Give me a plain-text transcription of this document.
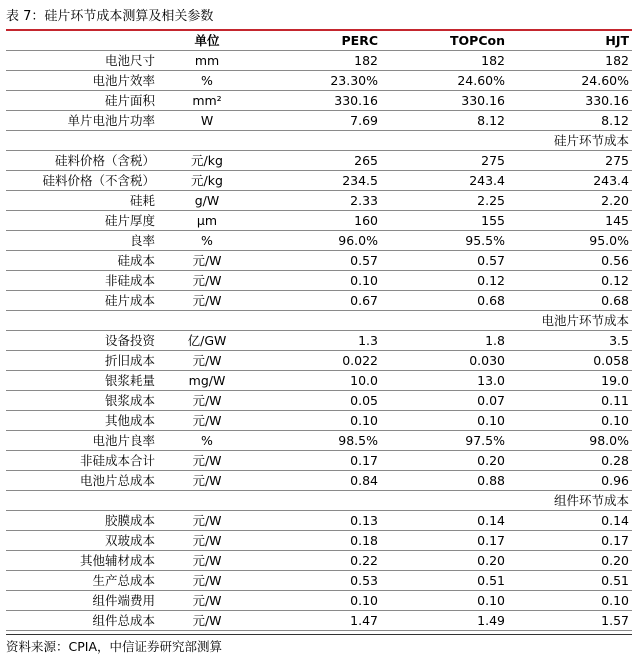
表 7：硅片环节成本测算及相关参数
	单位	PERC	TOPCon	HJT
电池尺寸	mm	182	182	182
电池片效率	%	23.30%	24.60%	24.60%
硅片面积	mm²	330.16	330.16	330.16
单片电池片功率	W	7.69	8.12	8.12
硅片环节成本				
硅料价格（含税）	元/kg	265	275	275
硅料价格（不含税）	元/kg	234.5	243.4	243.4
硅耗	g/W	2.33	2.25	2.20
硅片厚度	μm	160	155	145
良率	%	96.0%	95.5%	95.0%
硅成本	元/W	0.57	0.57	0.56
非硅成本	元/W	0.10	0.12	0.12
硅片成本	元/W	0.67	0.68	0.68
电池片环节成本				
设备投资	亿/GW	1.3	1.8	3.5
折旧成本	元/W	0.022	0.030	0.058
银浆耗量	mg/W	10.0	13.0	19.0
银浆成本	元/W	0.05	0.07	0.11
其他成本	元/W	0.10	0.10	0.10
电池片良率	%	98.5%	97.5%	98.0%
非硅成本合计	元/W	0.17	0.20	0.28
电池片总成本	元/W	0.84	0.88	0.96
组件环节成本				
胶膜成本	元/W	0.13	0.14	0.14
双玻成本	元/W	0.18	0.17	0.17
其他辅材成本	元/W	0.22	0.20	0.20
生产总成本	元/W	0.53	0.51	0.51
组件端费用	元/W	0.10	0.10	0.10
组件总成本	元/W	1.47	1.49	1.57
资料来源：CPIA，中信证券研究部测算
